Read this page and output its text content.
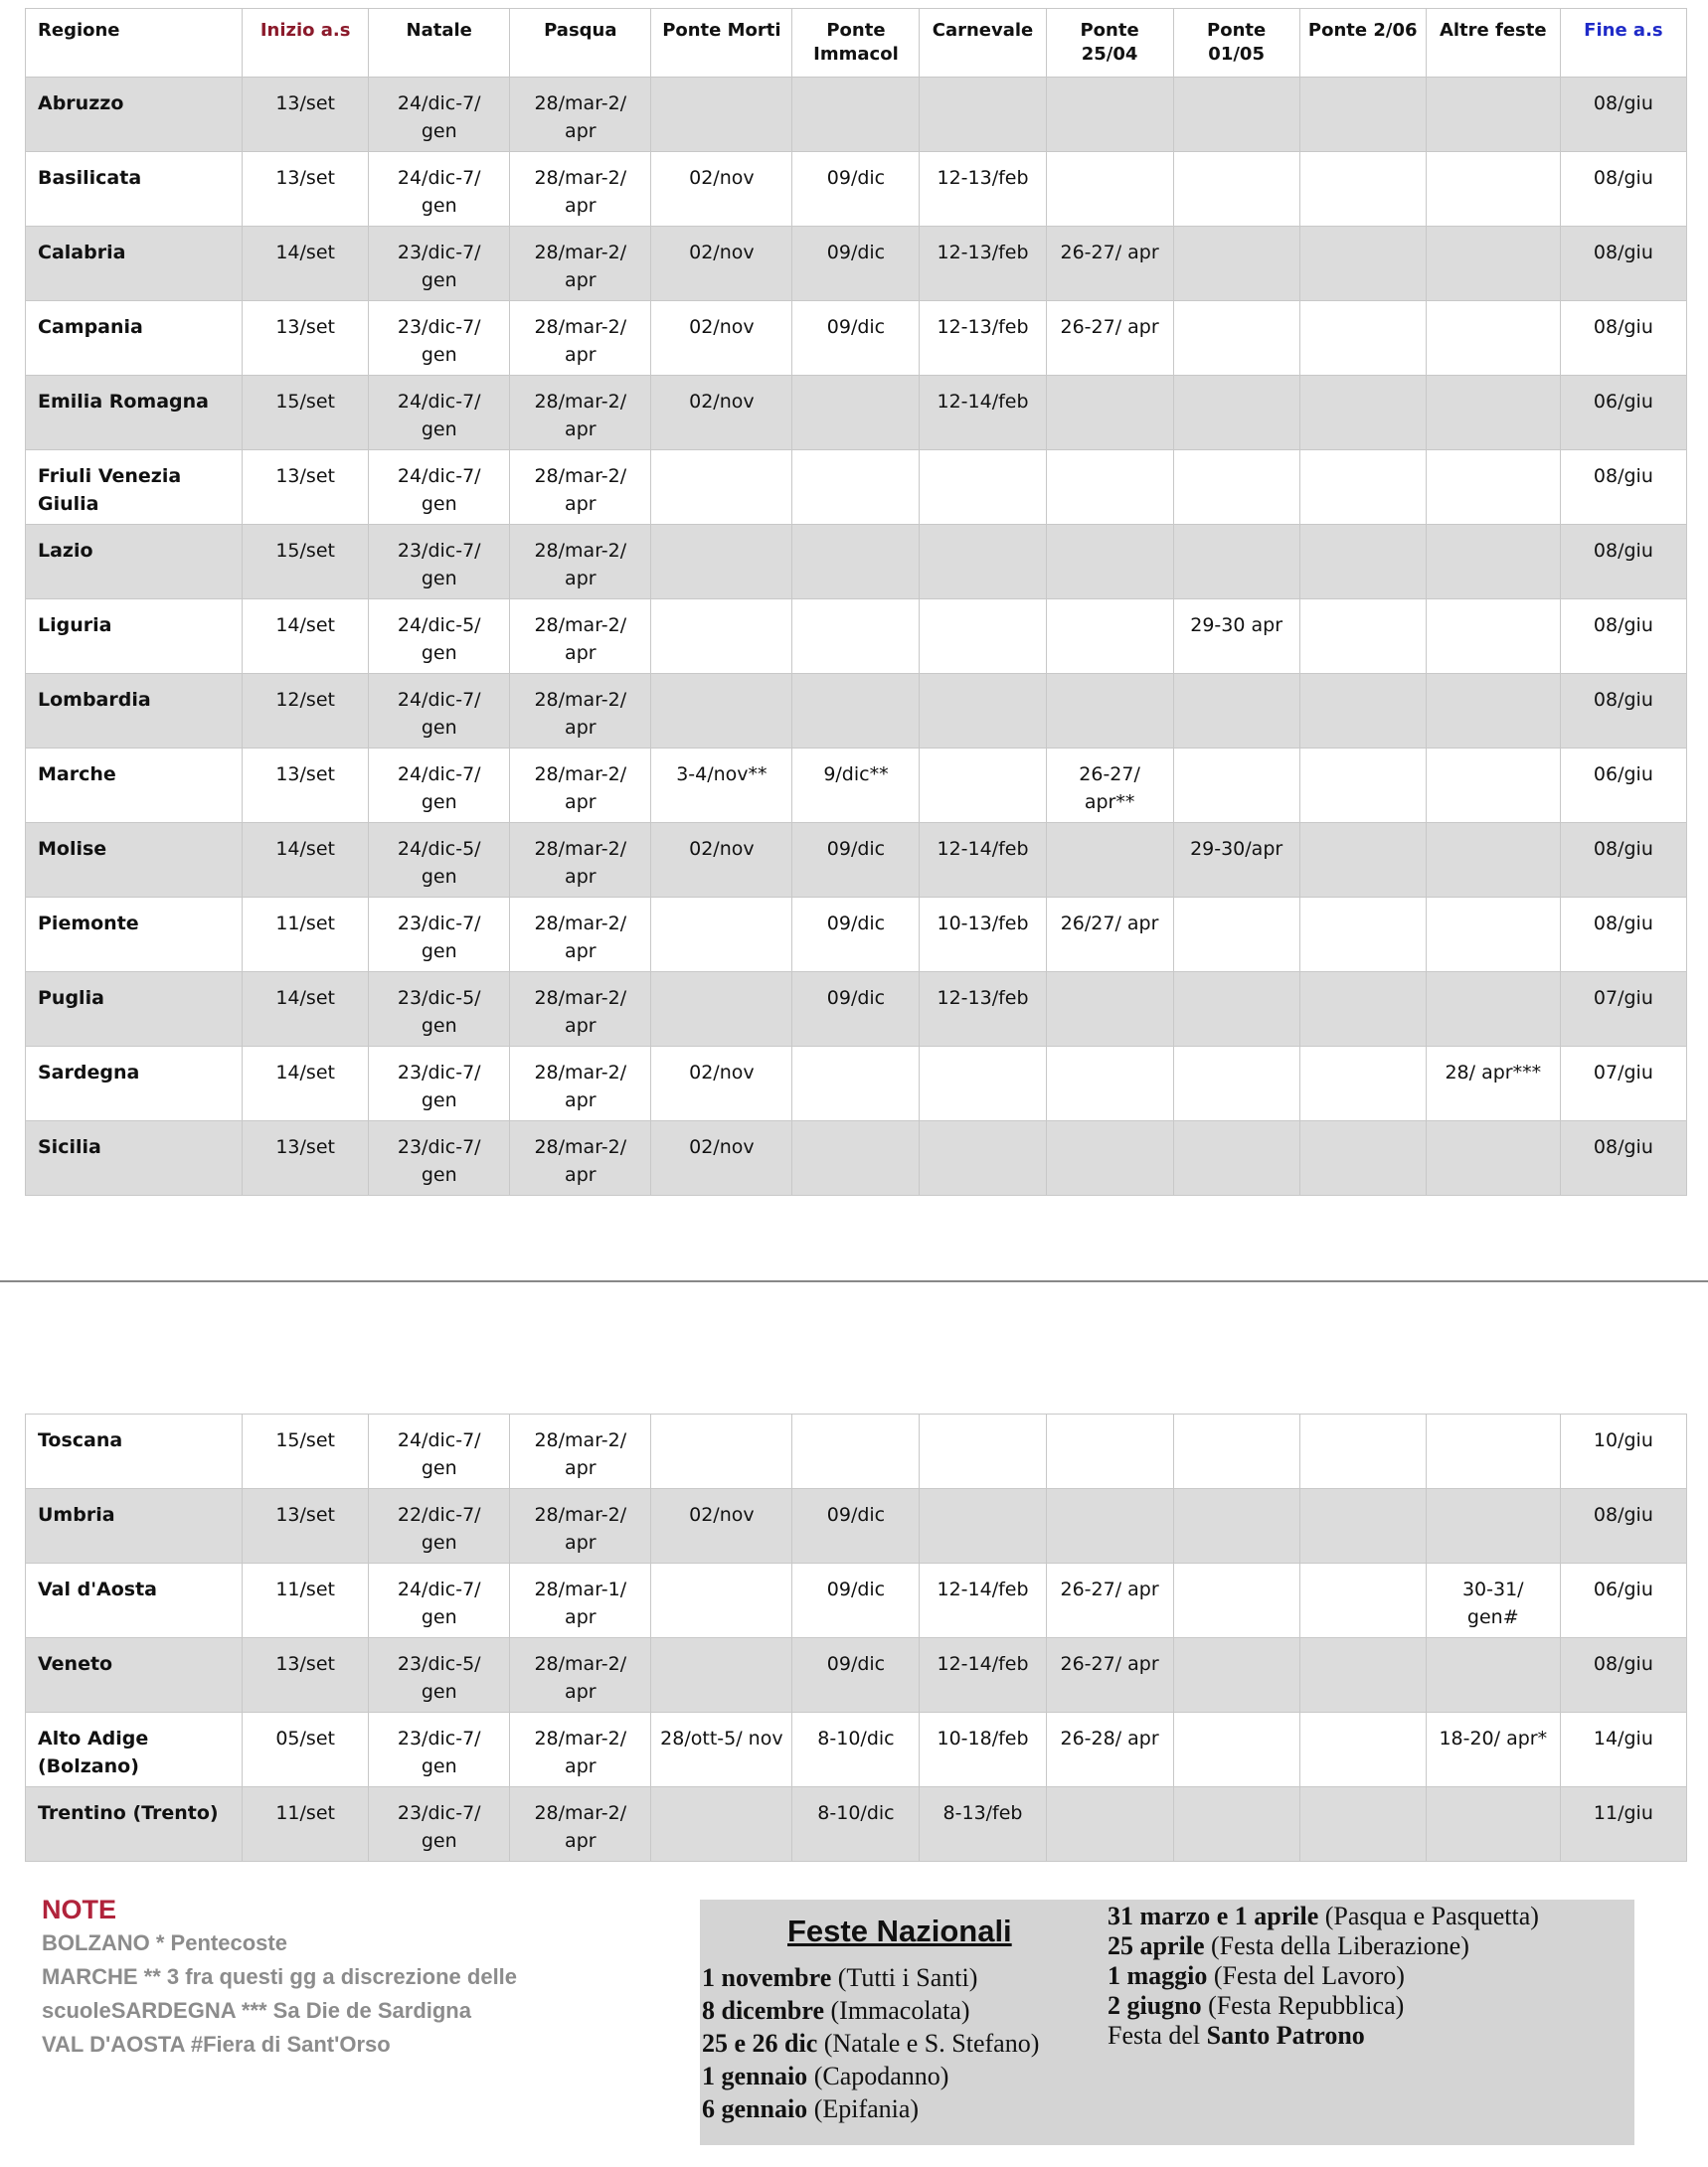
Regione	Inizio a.s	Natale	Pasqua	Ponte Morti	Ponte Immacol	Carnevale	Ponte 25/04	Ponte 01/05	Ponte 2/06	Altre feste	Fine a.s
Abruzzo	13/set	24/dic-7/ gen	28/mar-2/ apr								08/giu
Basilicata	13/set	24/dic-7/ gen	28/mar-2/ apr	02/nov	09/dic	12-13/feb					08/giu
Calabria	14/set	23/dic-7/ gen	28/mar-2/ apr	02/nov	09/dic	12-13/feb	26-27/ apr				08/giu
Campania	13/set	23/dic-7/ gen	28/mar-2/ apr	02/nov	09/dic	12-13/feb	26-27/ apr				08/giu
Emilia Romagna	15/set	24/dic-7/ gen	28/mar-2/ apr	02/nov		12-14/feb					06/giu
Friuli Venezia Giulia	13/set	24/dic-7/ gen	28/mar-2/ apr								08/giu
Lazio	15/set	23/dic-7/ gen	28/mar-2/ apr								08/giu
Liguria	14/set	24/dic-5/ gen	28/mar-2/ apr					29-30 apr			08/giu
Lombardia	12/set	24/dic-7/ gen	28/mar-2/ apr								08/giu
Marche	13/set	24/dic-7/ gen	28/mar-2/ apr	3-4/nov**	9/dic**		26-27/ apr**				06/giu
Molise	14/set	24/dic-5/ gen	28/mar-2/ apr	02/nov	09/dic	12-14/feb		29-30/apr			08/giu
Piemonte	11/set	23/dic-7/ gen	28/mar-2/ apr		09/dic	10-13/feb	26/27/ apr				08/giu
Puglia	14/set	23/dic-5/ gen	28/mar-2/ apr		09/dic	12-13/feb					07/giu
Sardegna	14/set	23/dic-7/ gen	28/mar-2/ apr	02/nov						28/ apr***	07/giu
Sicilia	13/set	23/dic-7/ gen	28/mar-2/ apr	02/nov							08/giu
Toscana	15/set	24/dic-7/ gen	28/mar-2/ apr								10/giu
Umbria	13/set	22/dic-7/ gen	28/mar-2/ apr	02/nov	09/dic						08/giu
Val d'Aosta	11/set	24/dic-7/ gen	28/mar-1/ apr		09/dic	12-14/feb	26-27/ apr			30-31/ gen#	06/giu
Veneto	13/set	23/dic-5/ gen	28/mar-2/ apr		09/dic	12-14/feb	26-27/ apr				08/giu
Alto Adige (Bolzano)	05/set	23/dic-7/ gen	28/mar-2/ apr	28/ott-5/ nov	8-10/dic	10-18/feb	26-28/ apr			18-20/ apr*	14/giu
Trentino (Trento)	11/set	23/dic-7/ gen	28/mar-2/ apr		8-10/dic	8-13/feb					11/giu
NOTE
BOLZANO * Pentecoste
MARCHE ** 3 fra questi gg a discrezione delle
scuoleSARDEGNA *** Sa Die de Sardigna
VAL D'AOSTA #Fiera di Sant'Orso
Feste Nazionali
1 novembre (Tutti i Santi)
8 dicembre (Immacolata)
25 e 26 dic (Natale e S. Stefano)
1 gennaio (Capodanno)
6 gennaio (Epifania)
31 marzo e 1 aprile (Pasqua e Pasquetta)
25 aprile (Festa della Liberazione)
1 maggio (Festa del Lavoro)
2 giugno (Festa Repubblica)
Festa del Santo Patrono
